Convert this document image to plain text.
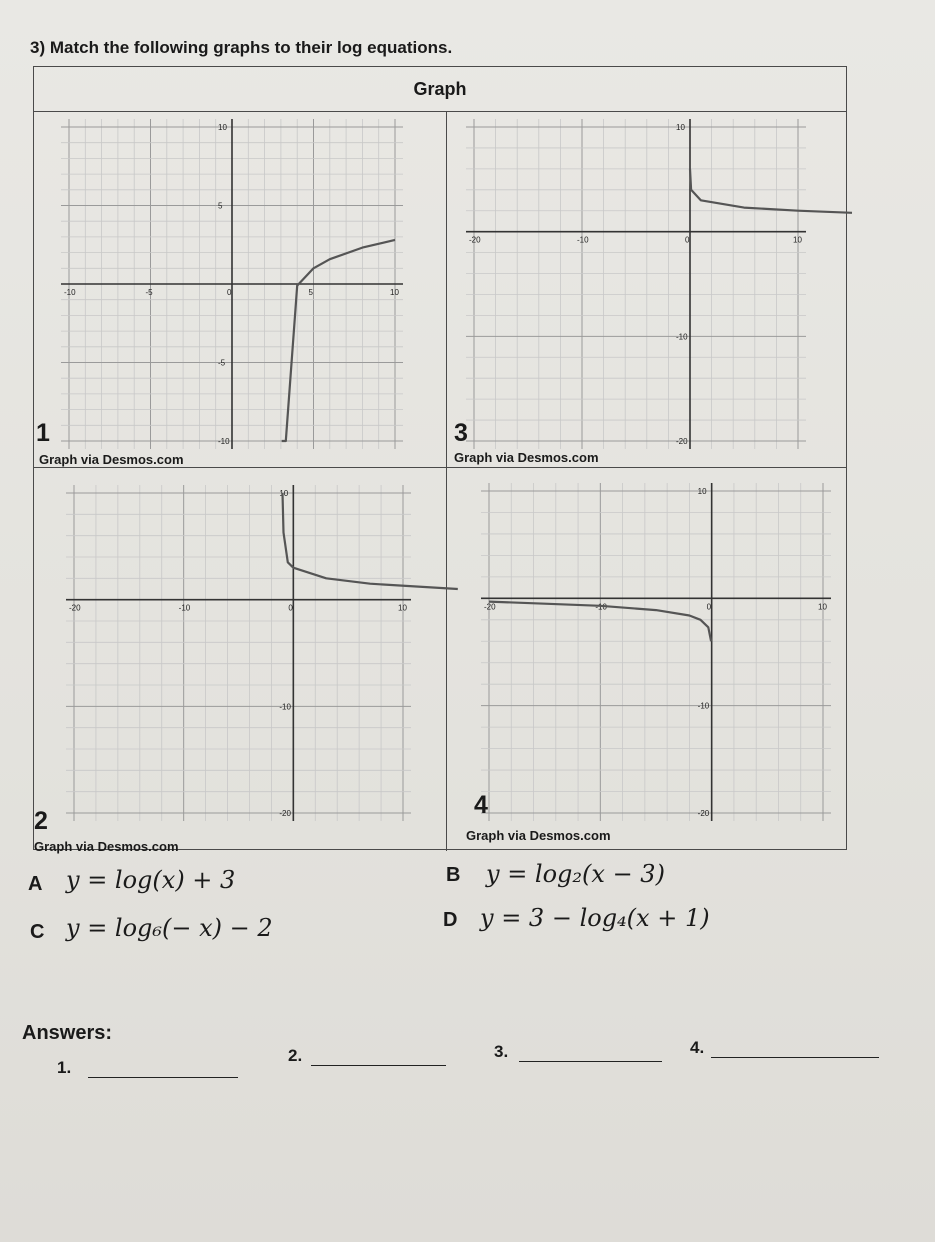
3) Match the following graphs to their log equations.
Graph
-10	-5	0	5	10
10
5
-5
-10
1
Graph via Desmos.com
-20	-10	0	10
10
-10
-20
3
Graph via Desmos.com
-20	-10	0	10
10
-10
-20
2
Graph via Desmos.com
-20	-10	0	10
10
-10
-20
4
Graph via Desmos.com
A y = log(x) + 3	B y = log₂(x − 3)
C y = log₆(− x) − 2	D y = 3 − log₄(x + 1)
Answers:
1.
2.	3.	4.
